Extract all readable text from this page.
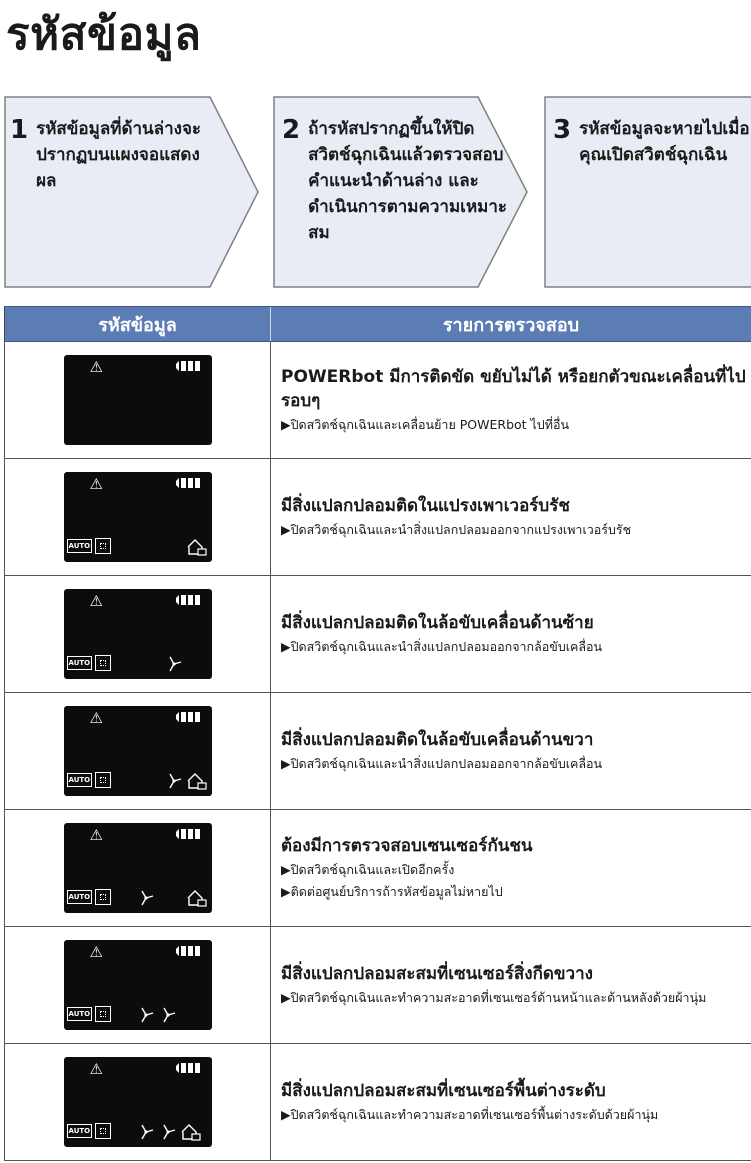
รหัสข้อมูล
1 รหัสข้อมูลที่ด้านล่างจะปรากฏบนแผงจอแสดงผล
2 ถ้ารหัสปรากฏขึ้นให้ปิดสวิตช์ฉุกเฉินแล้วตรวจสอบคำแนะนำด้านล่าง และดำเนินการตามความเหมาะสม
3 รหัสข้อมูลจะหายไปเมื่อคุณเปิดสวิตช์ฉุกเฉิน
รหัสข้อมูล	รายการตรวจสอบ
⚠	POWERbot มีการติดขัด ขยับไม่ได้ หรือยกตัวขณะเคลื่อนที่ไปรอบๆ
▶ปิดสวิตช์ฉุกเฉินและเคลื่อนย้าย POWERbot ไปที่อื่น
⚠
AUTO
มีสิ่งแปลกปลอมติดในแปรงเพาเวอร์บรัช
▶ปิดสวิตช์ฉุกเฉินและนำสิ่งแปลกปลอมออกจากแปรงเพาเวอร์บรัช
⚠
AUTO
มีสิ่งแปลกปลอมติดในล้อขับเคลื่อนด้านซ้าย
▶ปิดสวิตช์ฉุกเฉินและนำสิ่งแปลกปลอมออกจากล้อขับเคลื่อน
⚠
AUTO
มีสิ่งแปลกปลอมติดในล้อขับเคลื่อนด้านขวา
▶ปิดสวิตช์ฉุกเฉินและนำสิ่งแปลกปลอมออกจากล้อขับเคลื่อน
⚠
AUTO
ต้องมีการตรวจสอบเซนเซอร์กันชน
▶ปิดสวิตช์ฉุกเฉินและเปิดอีกครั้ง
▶ติดต่อศูนย์บริการถ้ารหัสข้อมูลไม่หายไป
⚠
AUTO
มีสิ่งแปลกปลอมสะสมที่เซนเซอร์สิ่งกีดขวาง
▶ปิดสวิตช์ฉุกเฉินและทำความสะอาดที่เซนเซอร์ด้านหน้าและด้านหลังด้วยผ้านุ่ม
⚠
AUTO
มีสิ่งแปลกปลอมสะสมที่เซนเซอร์พื้นต่างระดับ
▶ปิดสวิตช์ฉุกเฉินและทำความสะอาดที่เซนเซอร์พื้นต่างระดับด้วยผ้านุ่ม
